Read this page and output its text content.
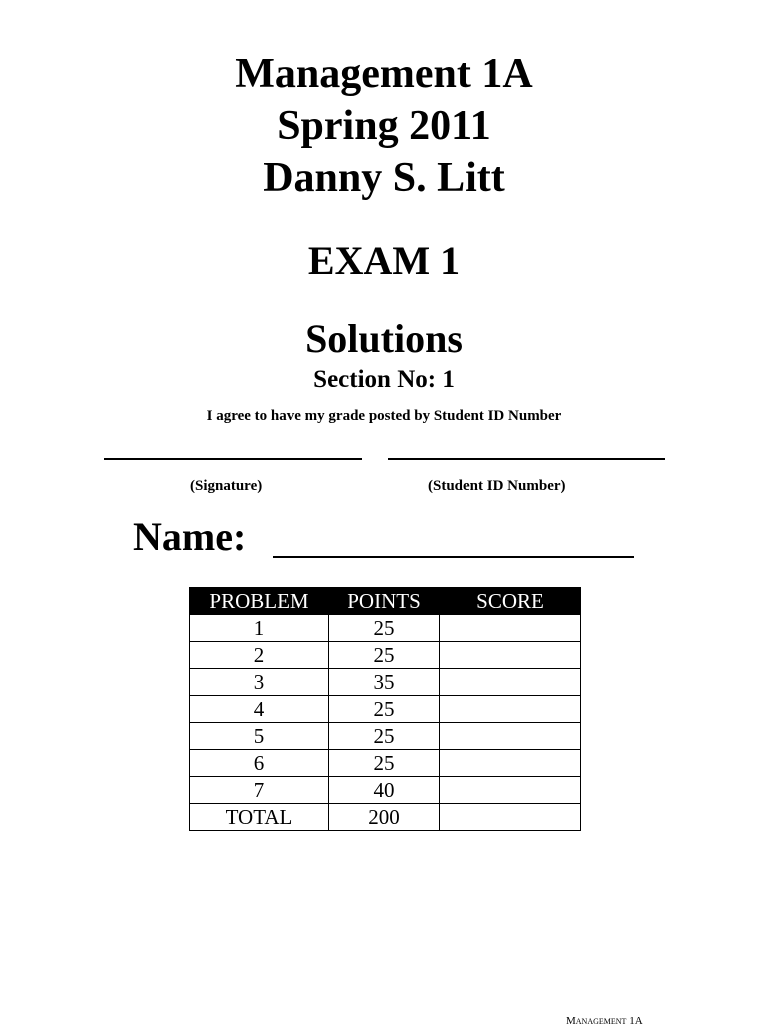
Management 1A
Spring 2011
Danny S. Litt
EXAM 1
Solutions
Section No: 1
I agree to have my grade posted by Student ID Number
(Signature)	(Student ID Number)
Name:
PROBLEM	POINTS	SCORE
1	25	
2	25	
3	35	
4	25	
5	25	
6	25	
7	40	
TOTAL	200	
Management 1A
